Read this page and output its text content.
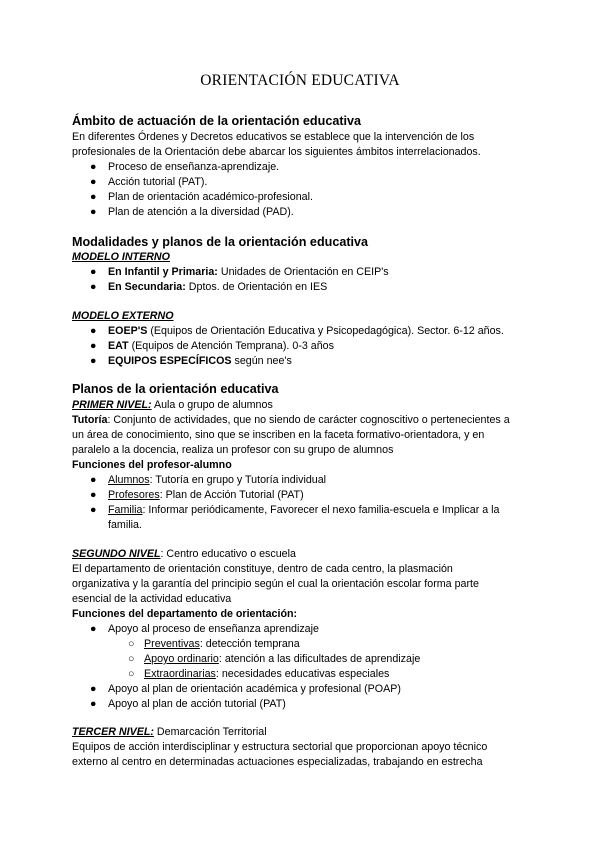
ORIENTACIÓN EDUCATIVA
Ámbito de actuación de la orientación educativa
En diferentes Órdenes y Decretos educativos se establece que la intervención de los
profesionales de la Orientación debe abarcar los siguientes ámbitos interrelacionados.
● Proceso de enseñanza-aprendizaje.
● Acción tutorial (PAT).
● Plan de orientación académico-profesional.
● Plan de atención a la diversidad (PAD).
Modalidades y planos de la orientación educativa
MODELO INTERNO
● En Infantil y Primaria: Unidades de Orientación en CEIP's
● En Secundaria: Dptos. de Orientación en IES
MODELO EXTERNO
● EOEP'S (Equipos de Orientación Educativa y Psicopedagógica). Sector. 6-12 años.
● EAT (Equipos de Atención Temprana). 0-3 años
● EQUIPOS ESPECÍFICOS según nee's
Planos de la orientación educativa
PRIMER NIVEL: Aula o grupo de alumnos
Tutoría: Conjunto de actividades, que no siendo de carácter cognoscitivo o pertenecientes a
un área de conocimiento, sino que se inscriben en la faceta formativo-orientadora, y en
paralelo a la docencia, realiza un profesor con su grupo de alumnos
Funciones del profesor-alumno
● Alumnos: Tutoría en grupo y Tutoría individual
● Profesores: Plan de Acción Tutorial (PAT)
● Familia: Informar periódicamente, Favorecer el nexo familia-escuela e Implicar a la
familia.
SEGUNDO NIVEL: Centro educativo o escuela
El departamento de orientación constituye, dentro de cada centro, la plasmación
organizativa y la garantía del principio según el cual la orientación escolar forma parte
esencial de la actividad educativa
Funciones del departamento de orientación:
● Apoyo al proceso de enseñanza aprendizaje
○ Preventivas: detección temprana
○ Apoyo ordinario: atención a las dificultades de aprendizaje
○ Extraordinarias: necesidades educativas especiales
● Apoyo al plan de orientación académica y profesional (POAP)
● Apoyo al plan de acción tutorial (PAT)
TERCER NIVEL: Demarcación Territorial
Equipos de acción interdisciplinar y estructura sectorial que proporcionan apoyo técnico
externo al centro en determinadas actuaciones especializadas, trabajando en estrecha
